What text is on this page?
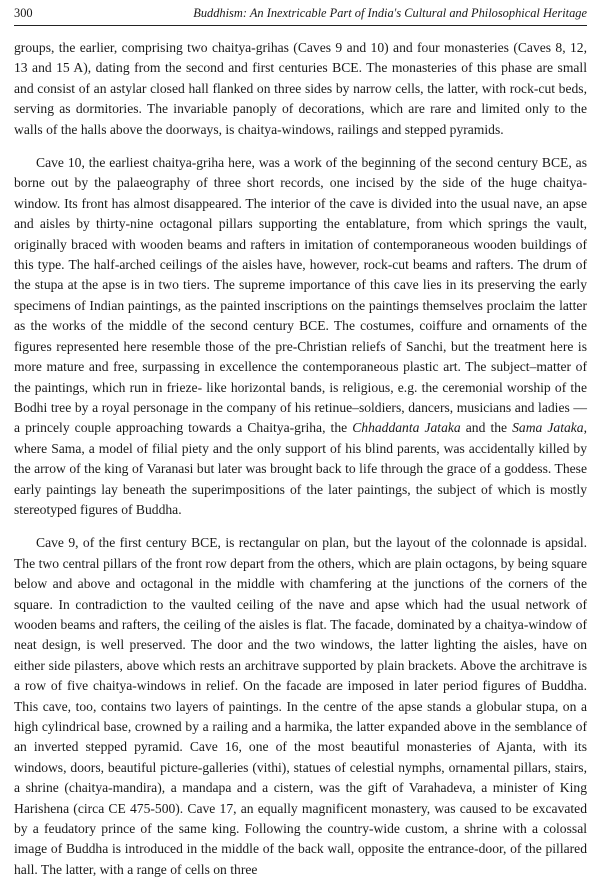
300	Buddhism: An Inextricable Part of India's Cultural and Philosophical Heritage

groups, the earlier, comprising two chaitya-grihas (Caves 9 and 10) and four monasteries (Caves 8, 12, 13 and 15 A), dating from the second and first centuries BCE. The monasteries of this phase are small and consist of an astylar closed hall flanked on three sides by narrow cells, the latter, with rock-cut beds, serving as dormitories. The invariable panoply of decorations, which are rare and limited only to the walls of the halls above the doorways, is chaitya-windows, railings and stepped pyramids.

Cave 10, the earliest chaitya-griha here, was a work of the beginning of the second century BCE, as borne out by the palaeography of three short records, one incised by the side of the huge chaitya- window. Its front has almost disappeared. The interior of the cave is divided into the usual nave, an apse and aisles by thirty-nine octagonal pillars supporting the entablature, from which springs the vault, originally braced with wooden beams and rafters in imitation of contemporaneous wooden buildings of this type. The half-arched ceilings of the aisles have, however, rock-cut beams and rafters. The drum of the stupa at the apse is in two tiers. The supreme importance of this cave lies in its preserving the early specimens of Indian paintings, as the painted inscriptions on the paintings themselves proclaim the latter as the works of the middle of the second century BCE. The costumes, coiffure and ornaments of the figures represented here resemble those of the pre-Christian reliefs of Sanchi, but the treatment here is more mature and free, surpassing in excellence the contemporaneous plastic art. The subject–matter of the paintings, which run in frieze- like horizontal bands, is religious, e.g. the ceremonial worship of the Bodhi tree by a royal personage in the company of his retinue–soldiers, dancers, musicians and ladies — a princely couple approaching towards a Chaitya-griha, the Chhaddanta Jataka and the Sama Jataka, where Sama, a model of filial piety and the only support of his blind parents, was accidentally killed by the arrow of the king of Varanasi but later was brought back to life through the grace of a goddess. These early paintings lay beneath the superimpositions of the later paintings, the subject of which is mostly stereotyped figures of Buddha.

Cave 9, of the first century BCE, is rectangular on plan, but the layout of the colonnade is apsidal. The two central pillars of the front row depart from the others, which are plain octagons, by being square below and above and octagonal in the middle with chamfering at the junctions of the corners of the square. In contradiction to the vaulted ceiling of the nave and apse which had the usual network of wooden beams and rafters, the ceiling of the aisles is flat. The facade, dominated by a chaitya-window of neat design, is well preserved. The door and the two windows, the latter lighting the aisles, have on either side pilasters, above which rests an architrave supported by plain brackets. Above the architrave is a row of five chaitya-windows in relief. On the facade are imposed in later period figures of Buddha. This cave, too, contains two layers of paintings. In the centre of the apse stands a globular stupa, on a high cylindrical base, crowned by a railing and a harmika, the latter expanded above in the semblance of an inverted stepped pyramid. Cave 16, one of the most beautiful monasteries of Ajanta, with its windows, doors, beautiful picture-galleries (vithi), statues of celestial nymphs, ornamental pillars, stairs, a shrine (chaitya-mandira), a mandapa and a cistern, was the gift of Varahadeva, a minister of King Harishena (circa CE 475-500). Cave 17, an equally magnificent monastery, was caused to be excavated by a feudatory prince of the same king. Following the country-wide custom, a shrine with a colossal image of Buddha is introduced in the middle of the back wall, opposite the entrance-door, of the pillared hall. The latter, with a range of cells on three
